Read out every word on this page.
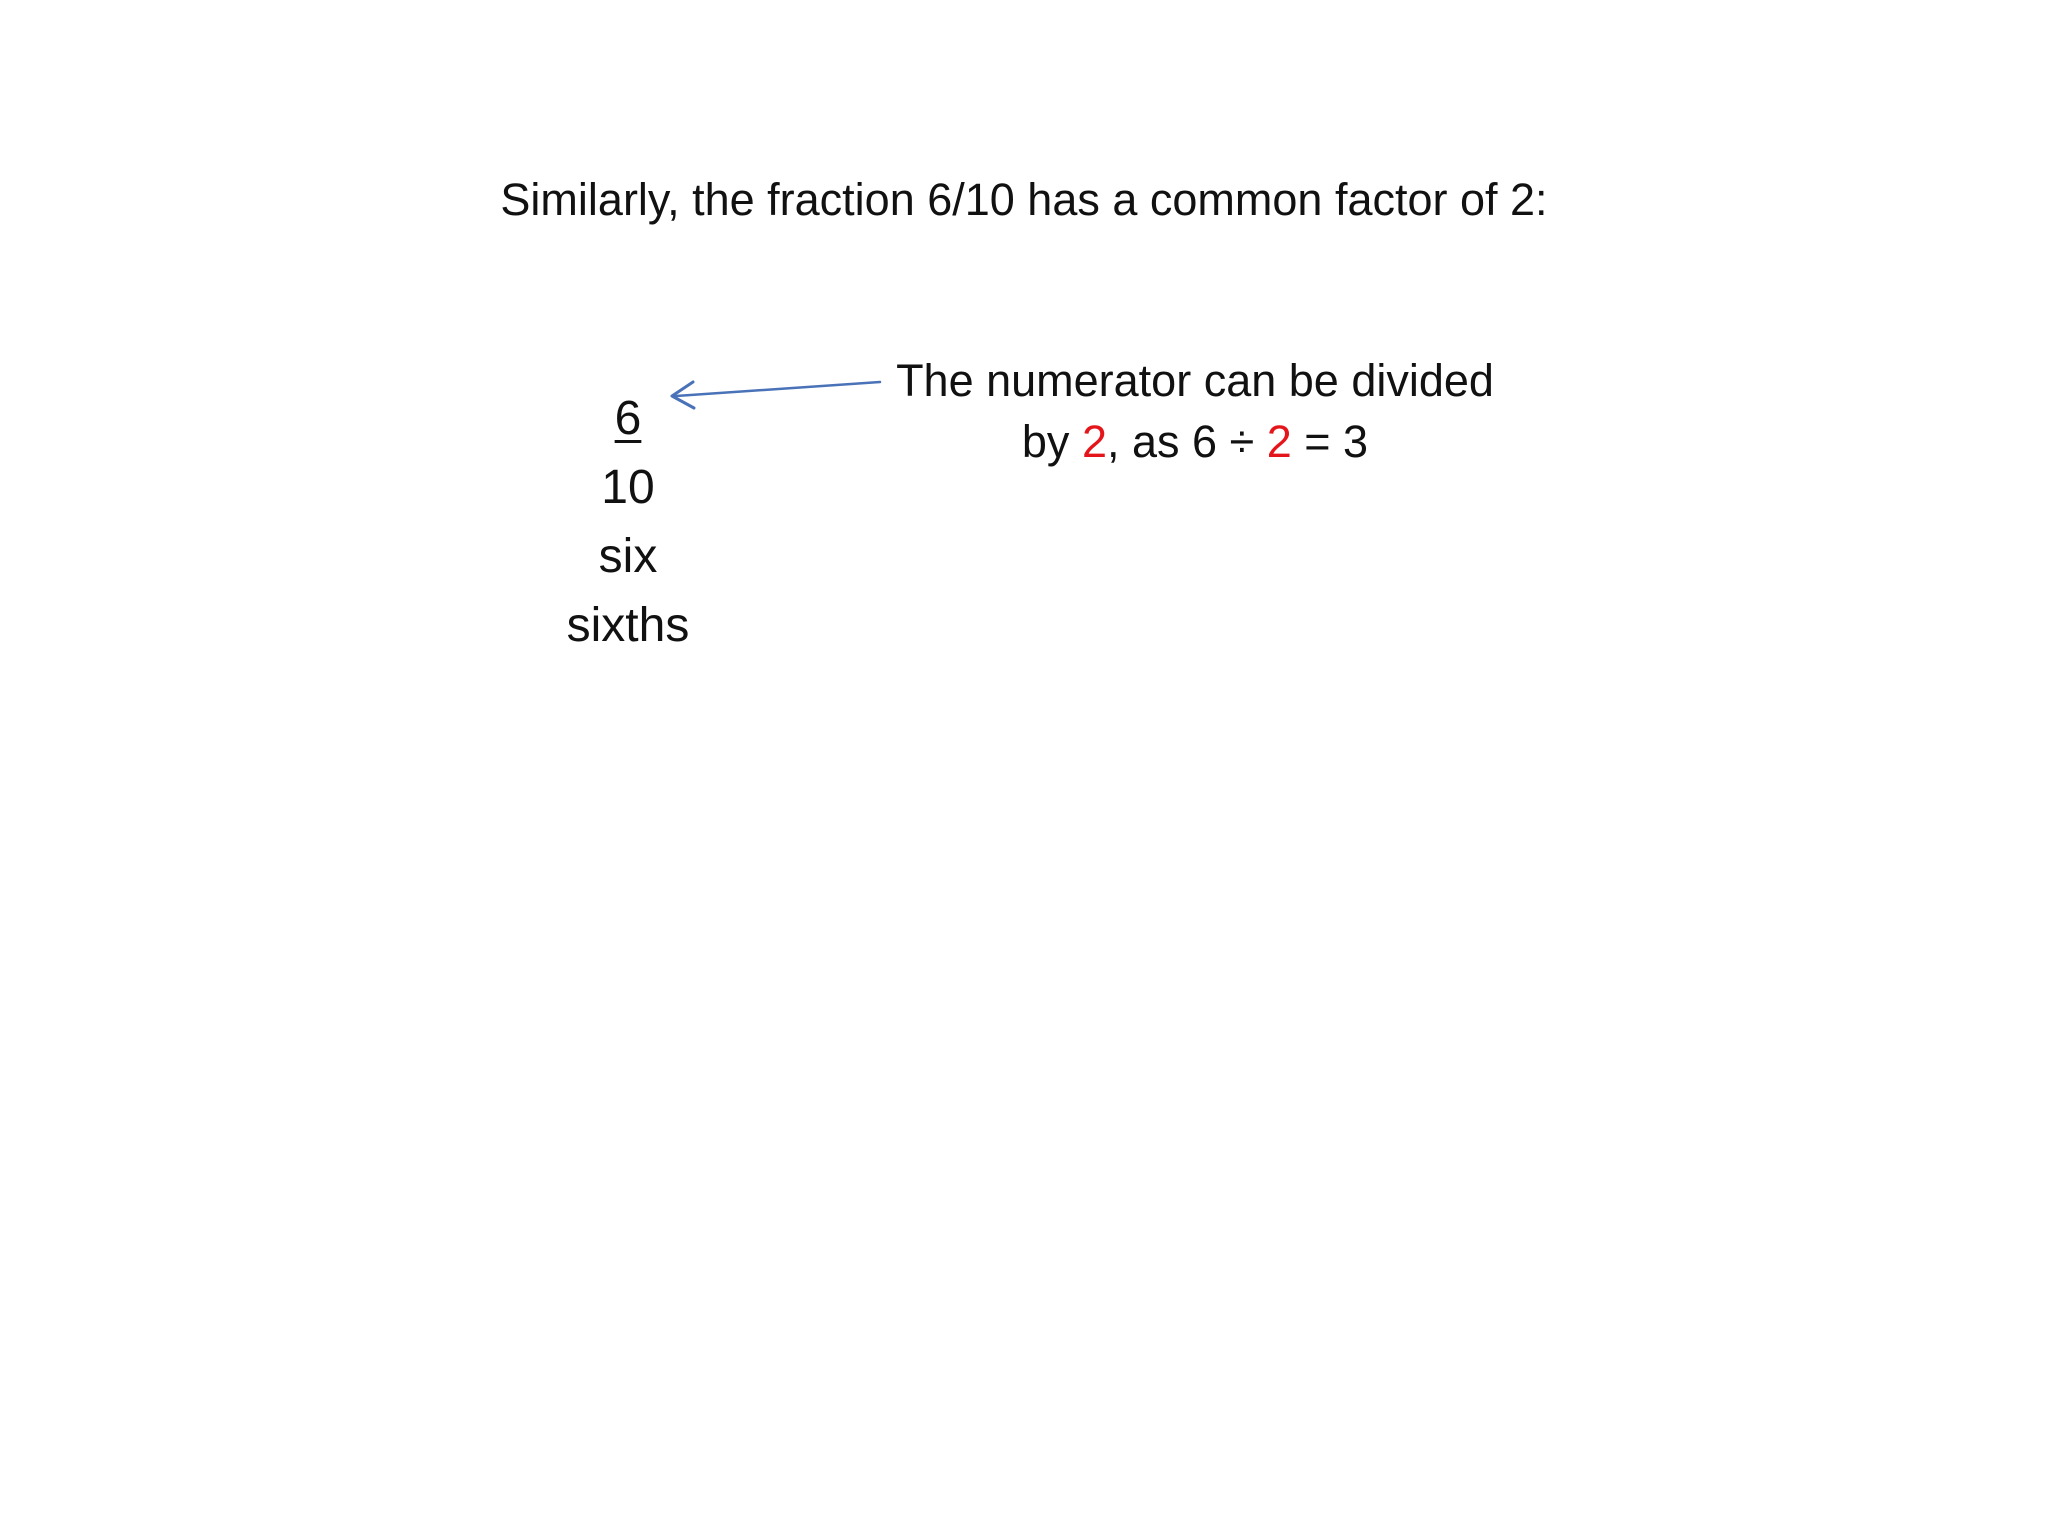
Similarly, the fraction 6/10 has a common factor of 2:
6
10
six
sixths
The numerator can be divided
by 2, as 6 ÷ 2 = 3
